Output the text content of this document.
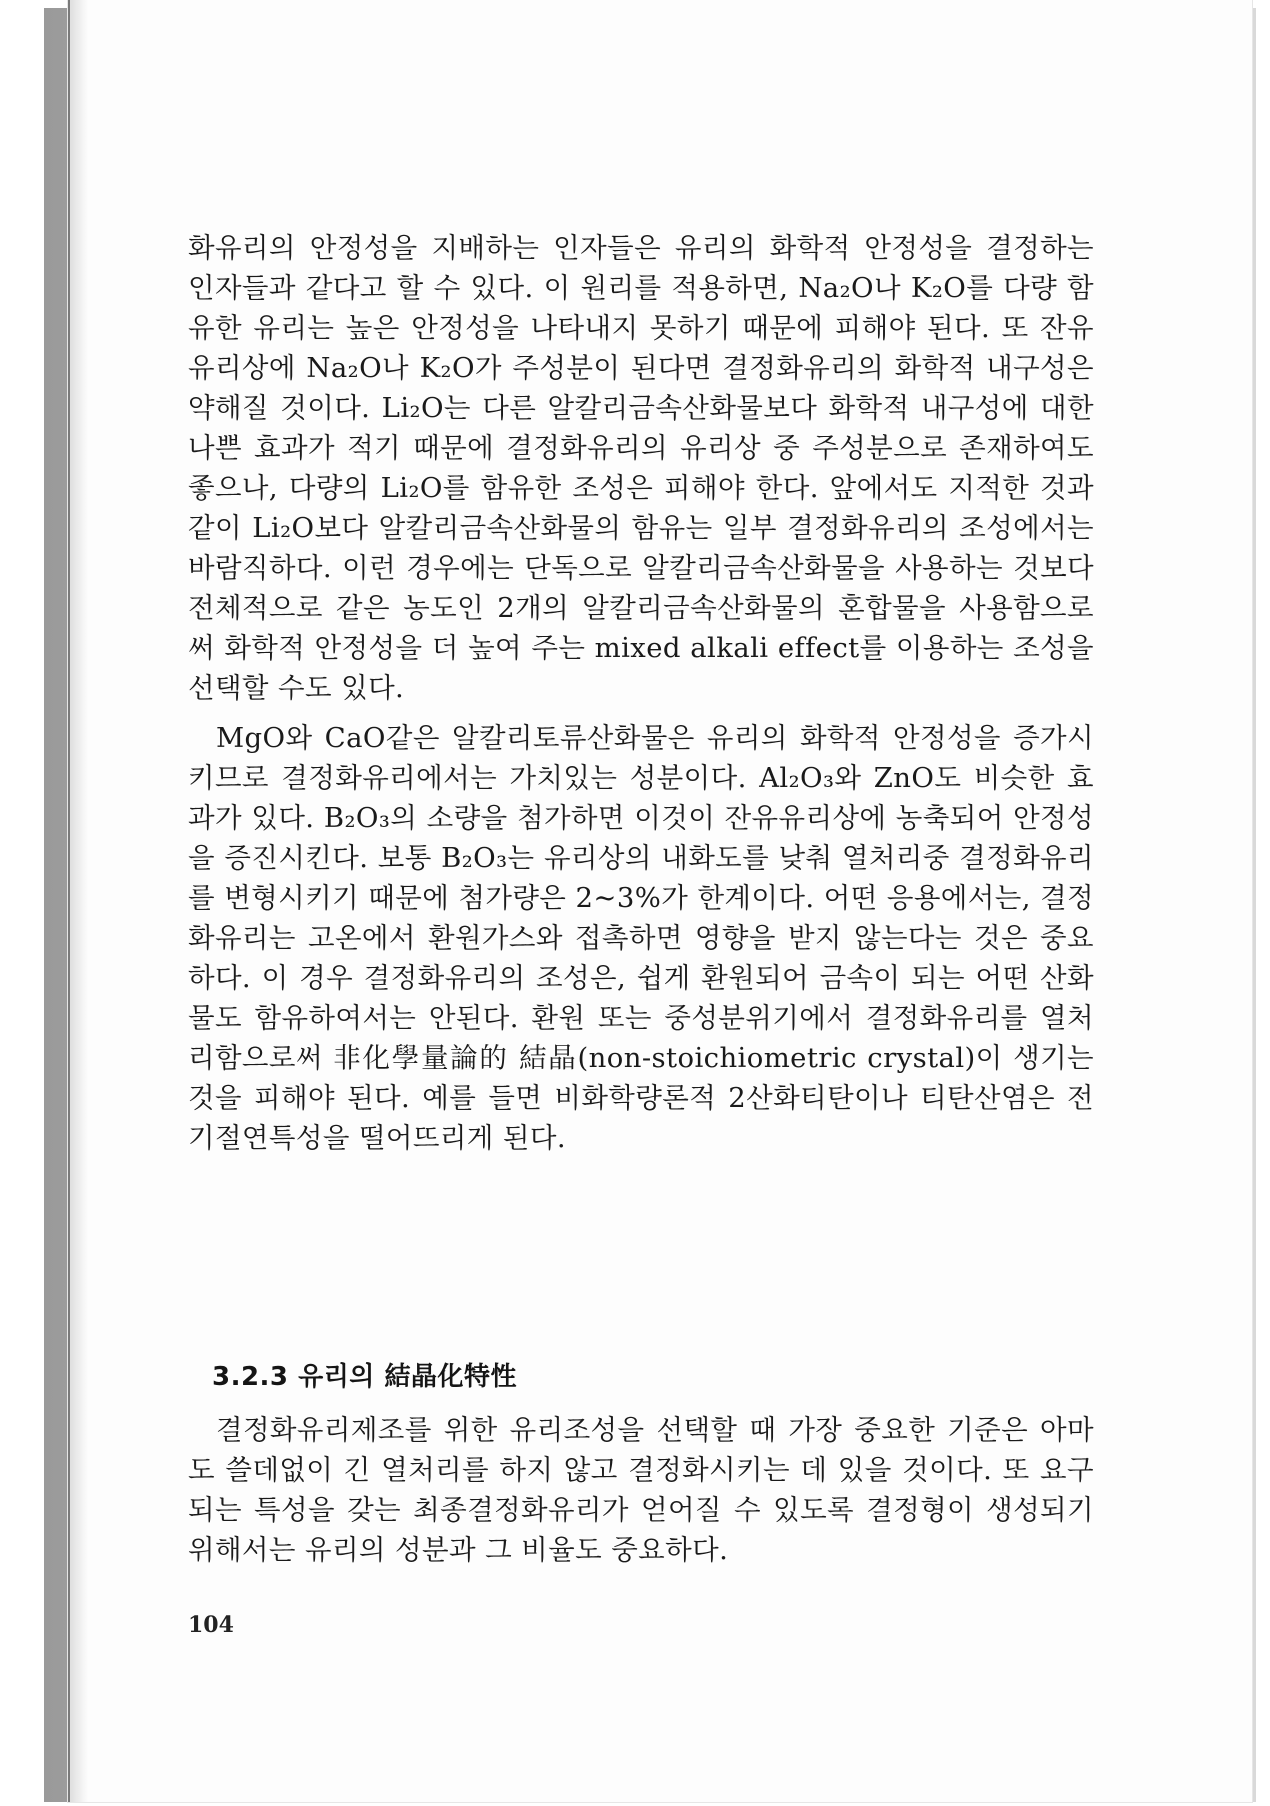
화유리의 안정성을 지배하는 인자들은 유리의 화학적 안정성을 결정하는 인자들과 같다고 할 수 있다. 이 원리를 적용하면, Na₂O나 K₂O를 다량 함유한 유리는 높은 안정성을 나타내지 못하기 때문에 피해야 된다. 또 잔유유리상에 Na₂O나 K₂O가 주성분이 된다면 결정화유리의 화학적 내구성은 약해질 것이다. Li₂O는 다른 알칼리금속산화물보다 화학적 내구성에 대한 나쁜 효과가 적기 때문에 결정화유리의 유리상 중 주성분으로 존재하여도 좋으나, 다량의 Li₂O를 함유한 조성은 피해야 한다. 앞에서도 지적한 것과 같이 Li₂O보다 알칼리금속산화물의 함유는 일부 결정화유리의 조성에서는 바람직하다. 이런 경우에는 단독으로 알칼리금속산화물을 사용하는 것보다 전체적으로 같은 농도인 2개의 알칼리금속산화물의 혼합물을 사용함으로써 화학적 안정성을 더 높여 주는 mixed alkali effect를 이용하는 조성을 선택할 수도 있다.

MgO와 CaO같은 알칼리토류산화물은 유리의 화학적 안정성을 증가시키므로 결정화유리에서는 가치있는 성분이다. Al₂O₃와 ZnO도 비슷한 효과가 있다. B₂O₃의 소량을 첨가하면 이것이 잔유유리상에 농축되어 안정성을 증진시킨다. 보통 B₂O₃는 유리상의 내화도를 낮춰 열처리중 결정화유리를 변형시키기 때문에 첨가량은 2∼3%가 한계이다. 어떤 응용에서는, 결정화유리는 고온에서 환원가스와 접촉하면 영향을 받지 않는다는 것은 중요하다. 이 경우 결정화유리의 조성은, 쉽게 환원되어 금속이 되는 어떤 산화물도 함유하여서는 안된다. 환원 또는 중성분위기에서 결정화유리를 열처리함으로써 非化學量論的 結晶(non-stoichiometric crystal)이 생기는 것을 피해야 된다. 예를 들면 비화학량론적 2산화티탄이나 티탄산염은 전기절연특성을 떨어뜨리게 된다.

3.2.3 유리의 結晶化特性

결정화유리제조를 위한 유리조성을 선택할 때 가장 중요한 기준은 아마도 쓸데없이 긴 열처리를 하지 않고 결정화시키는 데 있을 것이다. 또 요구되는 특성을 갖는 최종결정화유리가 얻어질 수 있도록 결정형이 생성되기 위해서는 유리의 성분과 그 비율도 중요하다.

104
